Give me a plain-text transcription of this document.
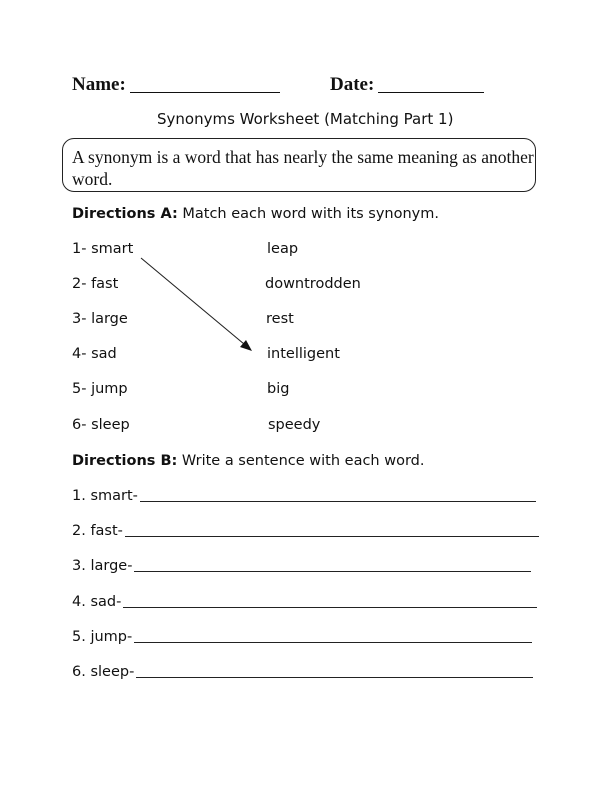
Name:	Date:
Synonyms Worksheet (Matching Part 1)
A synonym is a word that has nearly the same meaning as another word.
Directions A: Match each word with its synonym.
1- smart
2- fast
3- large
4- sad
5- jump
6- sleep
leap
downtrodden
rest
intelligent
big
speedy
Directions B: Write a sentence with each word.
1. smart-
2. fast-
3. large-
4. sad-
5. jump-
6. sleep-
